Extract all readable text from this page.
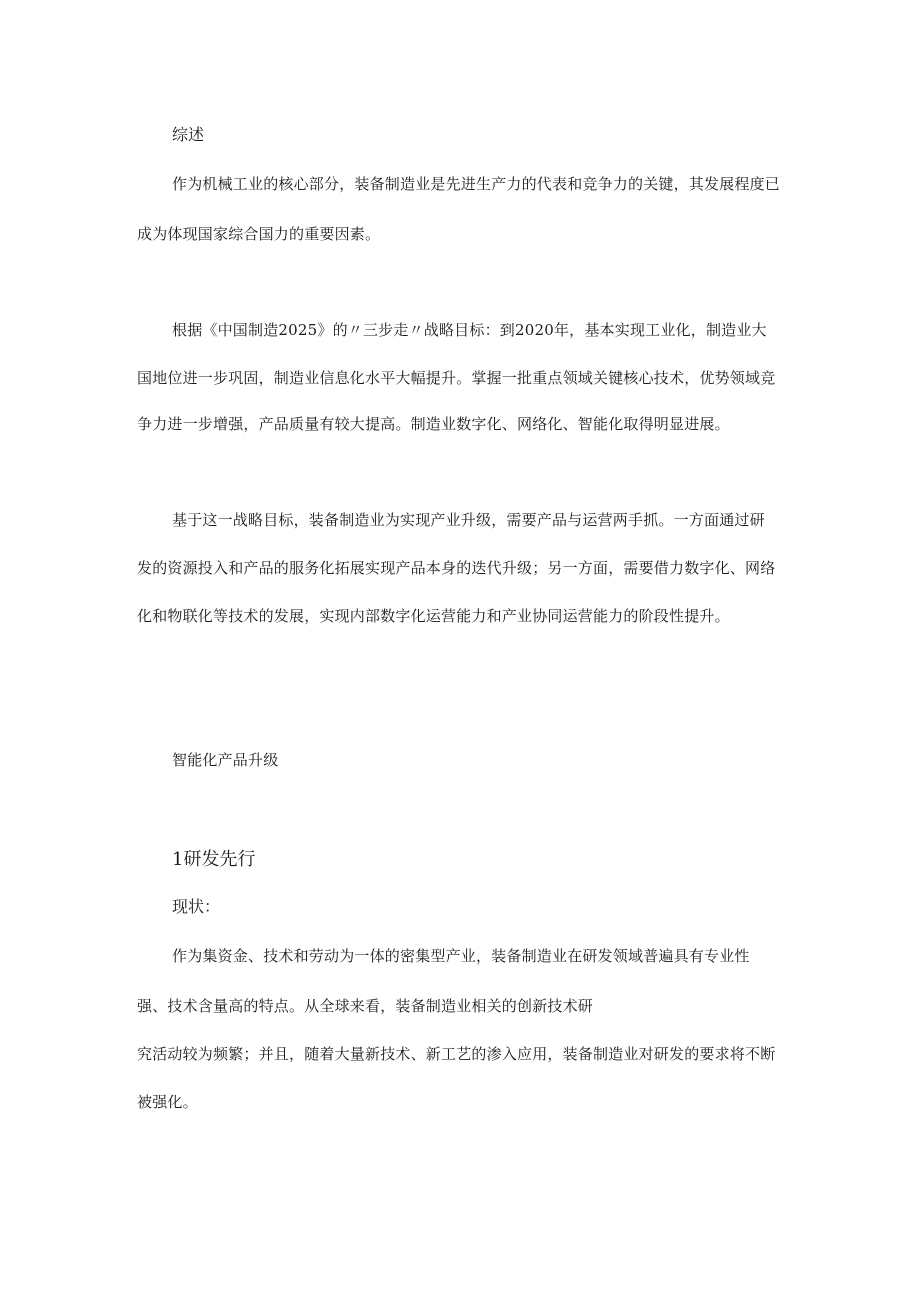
综述
作为机械工业的核心部分，装备制造业是先进生产力的代表和竞争力的关键，其发展程度已
成为体现国家综合国力的重要因素。
根据《中国制造2025》的〃三步走〃战略目标：到2020年，基本实现工业化，制造业大
国地位进一步巩固，制造业信息化水平大幅提升。掌握一批重点领域关键核心技术，优势领域竞
争力进一步增强，产品质量有较大提高。制造业数字化、网络化、智能化取得明显进展。
基于这一战略目标，装备制造业为实现产业升级，需要产品与运营两手抓。一方面通过研
发的资源投入和产品的服务化拓展实现产品本身的迭代升级；另一方面，需要借力数字化、网络
化和物联化等技术的发展，实现内部数字化运营能力和产业协同运营能力的阶段性提升。
智能化产品升级
1研发先行
现状：
作为集资金、技术和劳动为一体的密集型产业，装备制造业在研发领域普遍具有专业性
强、技术含量高的特点。从全球来看，装备制造业相关的创新技术研
究活动较为频繁；并且，随着大量新技术、新工艺的渗入应用，装备制造业对研发的要求将不断
被强化。
